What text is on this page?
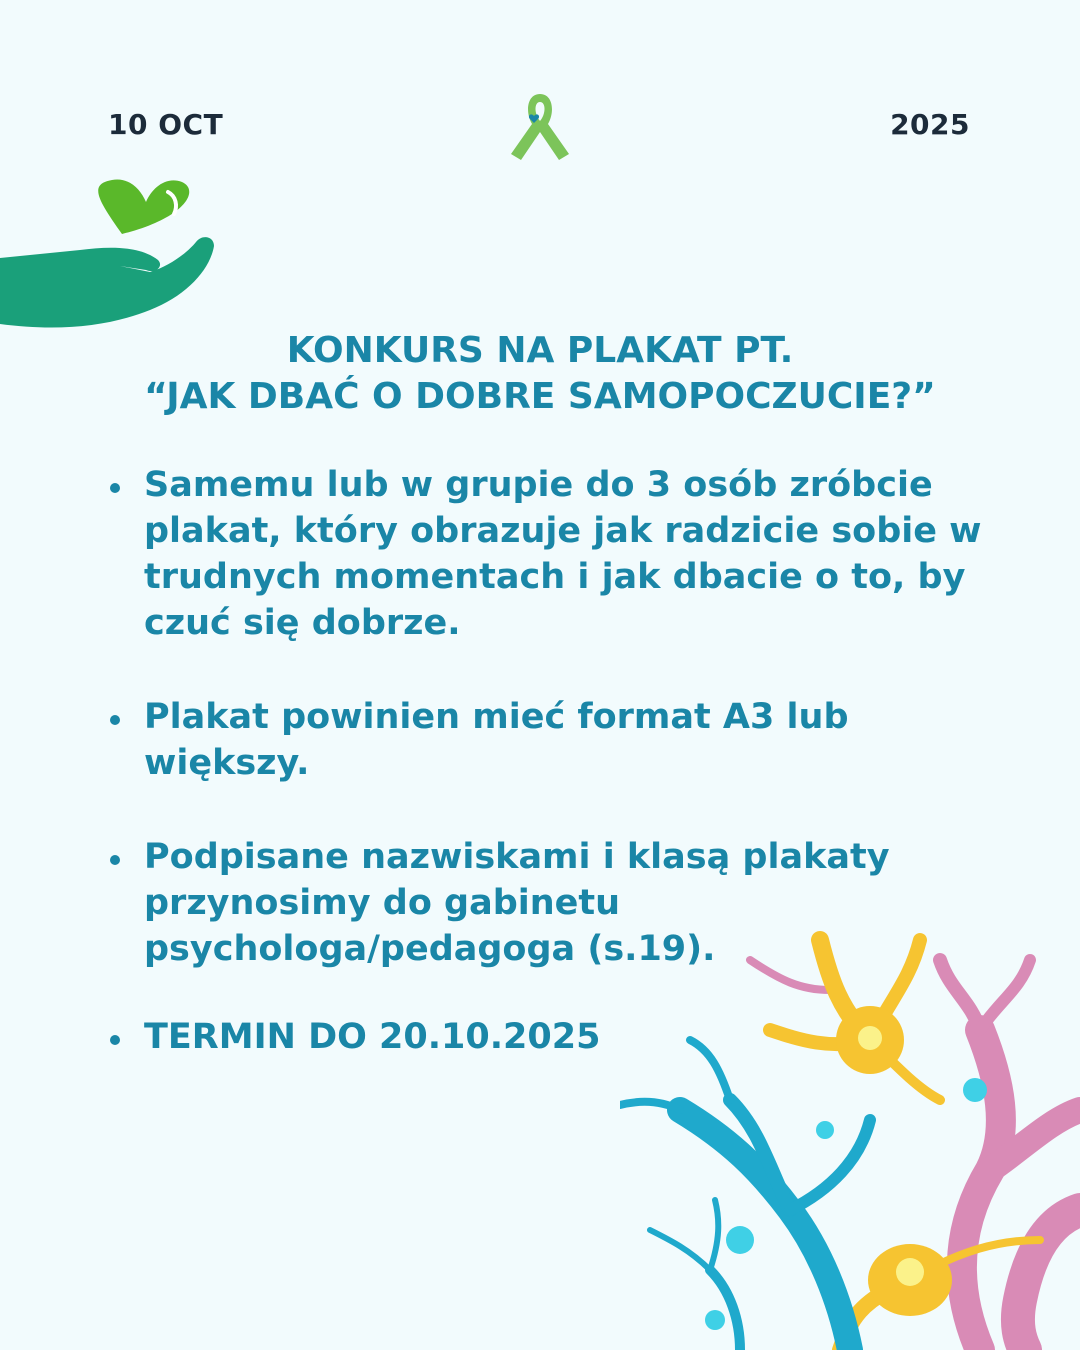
10 OCT	2025
KONKURS NA PLAKAT PT.
“JAK DBAĆ O DOBRE SAMOPOCZUCIE?”
Samemu lub w grupie do 3 osób zróbcie plakat, który obrazuje jak radzicie sobie w trudnych momentach i jak dbacie o to, by czuć się dobrze.
Plakat powinien mieć format A3 lub większy.
Podpisane nazwiskami i klasą plakaty przynosimy do gabinetu psychologa/pedagoga (s.19).
TERMIN DO 20.10.2025
